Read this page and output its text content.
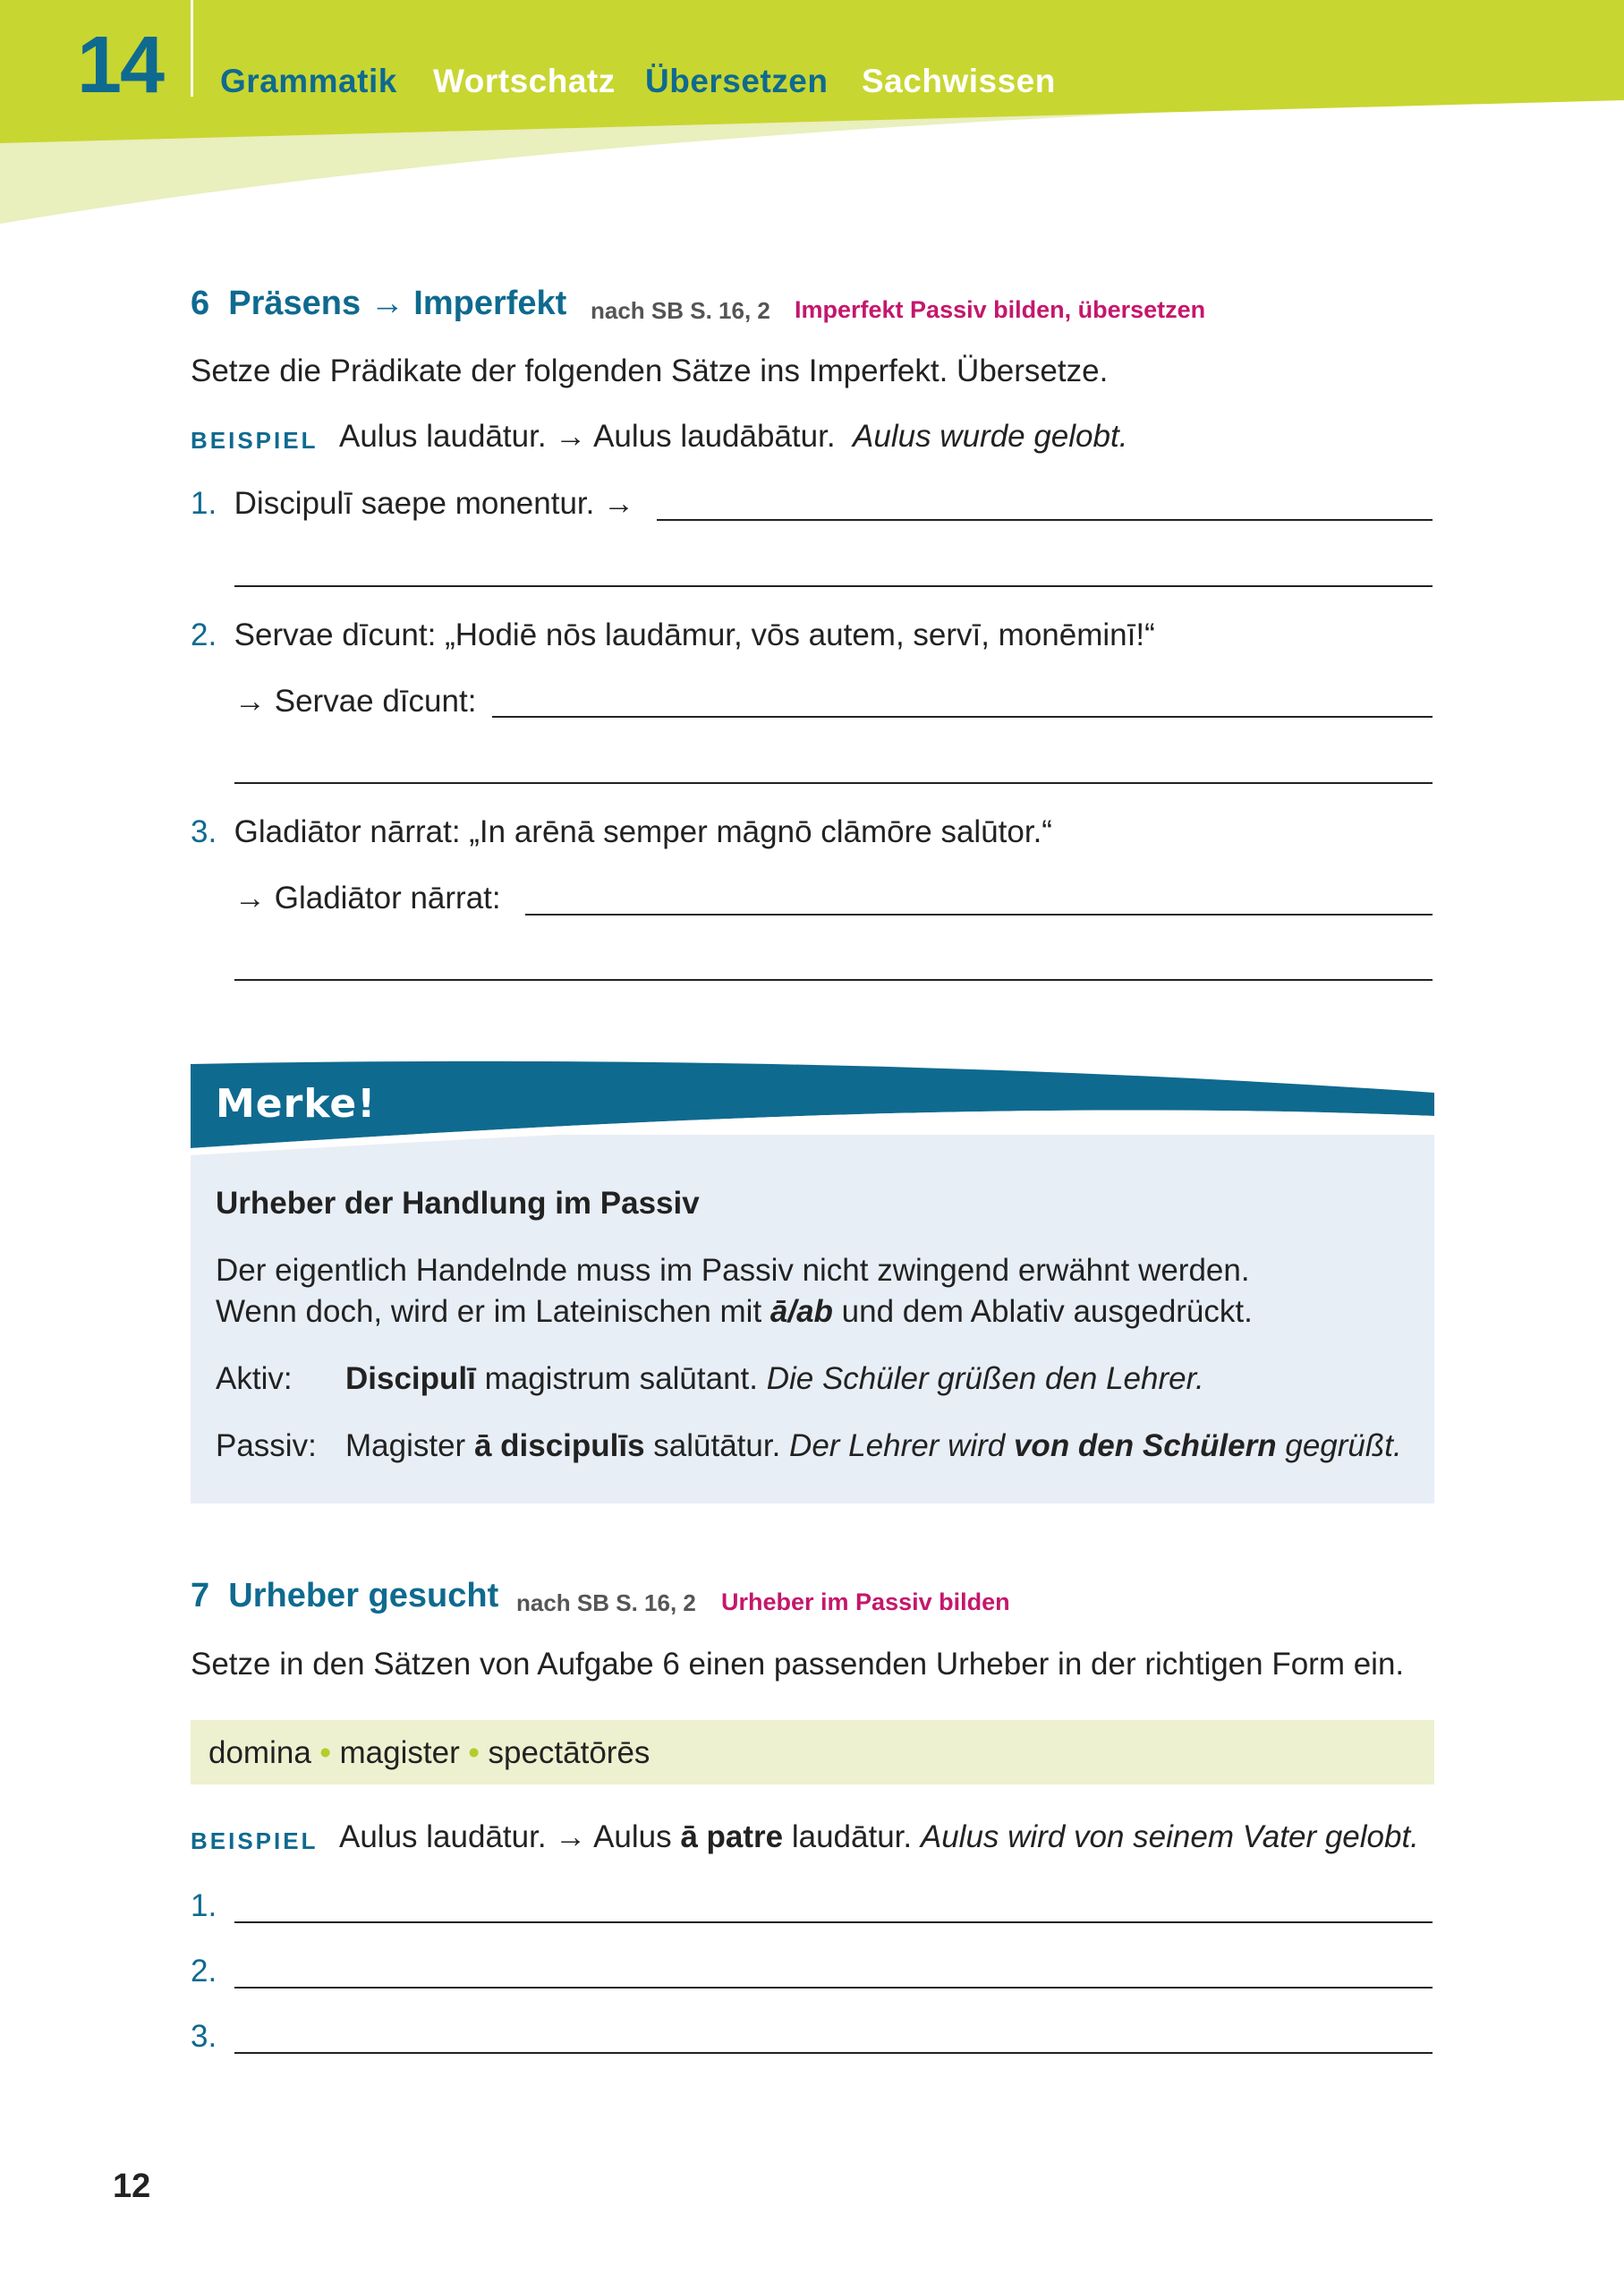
14 Grammatik Wortschatz Übersetzen Sachwissen
6 Präsens → Imperfekt nach SB S. 16, 2 Imperfekt Passiv bilden, übersetzen
Setze die Prädikate der folgenden Sätze ins Imperfekt. Übersetze.
BEISPIEL Aulus laudātur. → Aulus laudābātur. Aulus wurde gelobt.
1. Discipulī saepe monentur. →
2. Servae dīcunt: „Hodiē nōs laudāmur, vōs autem, servī, monēminī!“
→ Servae dīcunt:
3. Gladiātor nārrat: „In arēnā semper māgnō clāmōre salūtor.“
→ Gladiātor nārrat:
Merke!
Urheber der Handlung im Passiv
Der eigentlich Handelnde muss im Passiv nicht zwingend erwähnt werden.
Wenn doch, wird er im Lateinischen mit ā/ab und dem Ablativ ausgedrückt.
Aktiv: Discipulī magistrum salūtant. Die Schüler grüßen den Lehrer.
Passiv: Magister ā discipulīs salūtātur. Der Lehrer wird von den Schülern gegrüßt.
7 Urheber gesucht nach SB S. 16, 2 Urheber im Passiv bilden
Setze in den Sätzen von Aufgabe 6 einen passenden Urheber in der richtigen Form ein.
domina • magister • spectātōrēs
BEISPIEL Aulus laudātur. → Aulus ā patre laudātur. Aulus wird von seinem Vater gelobt.
1.
2.
3.
12
